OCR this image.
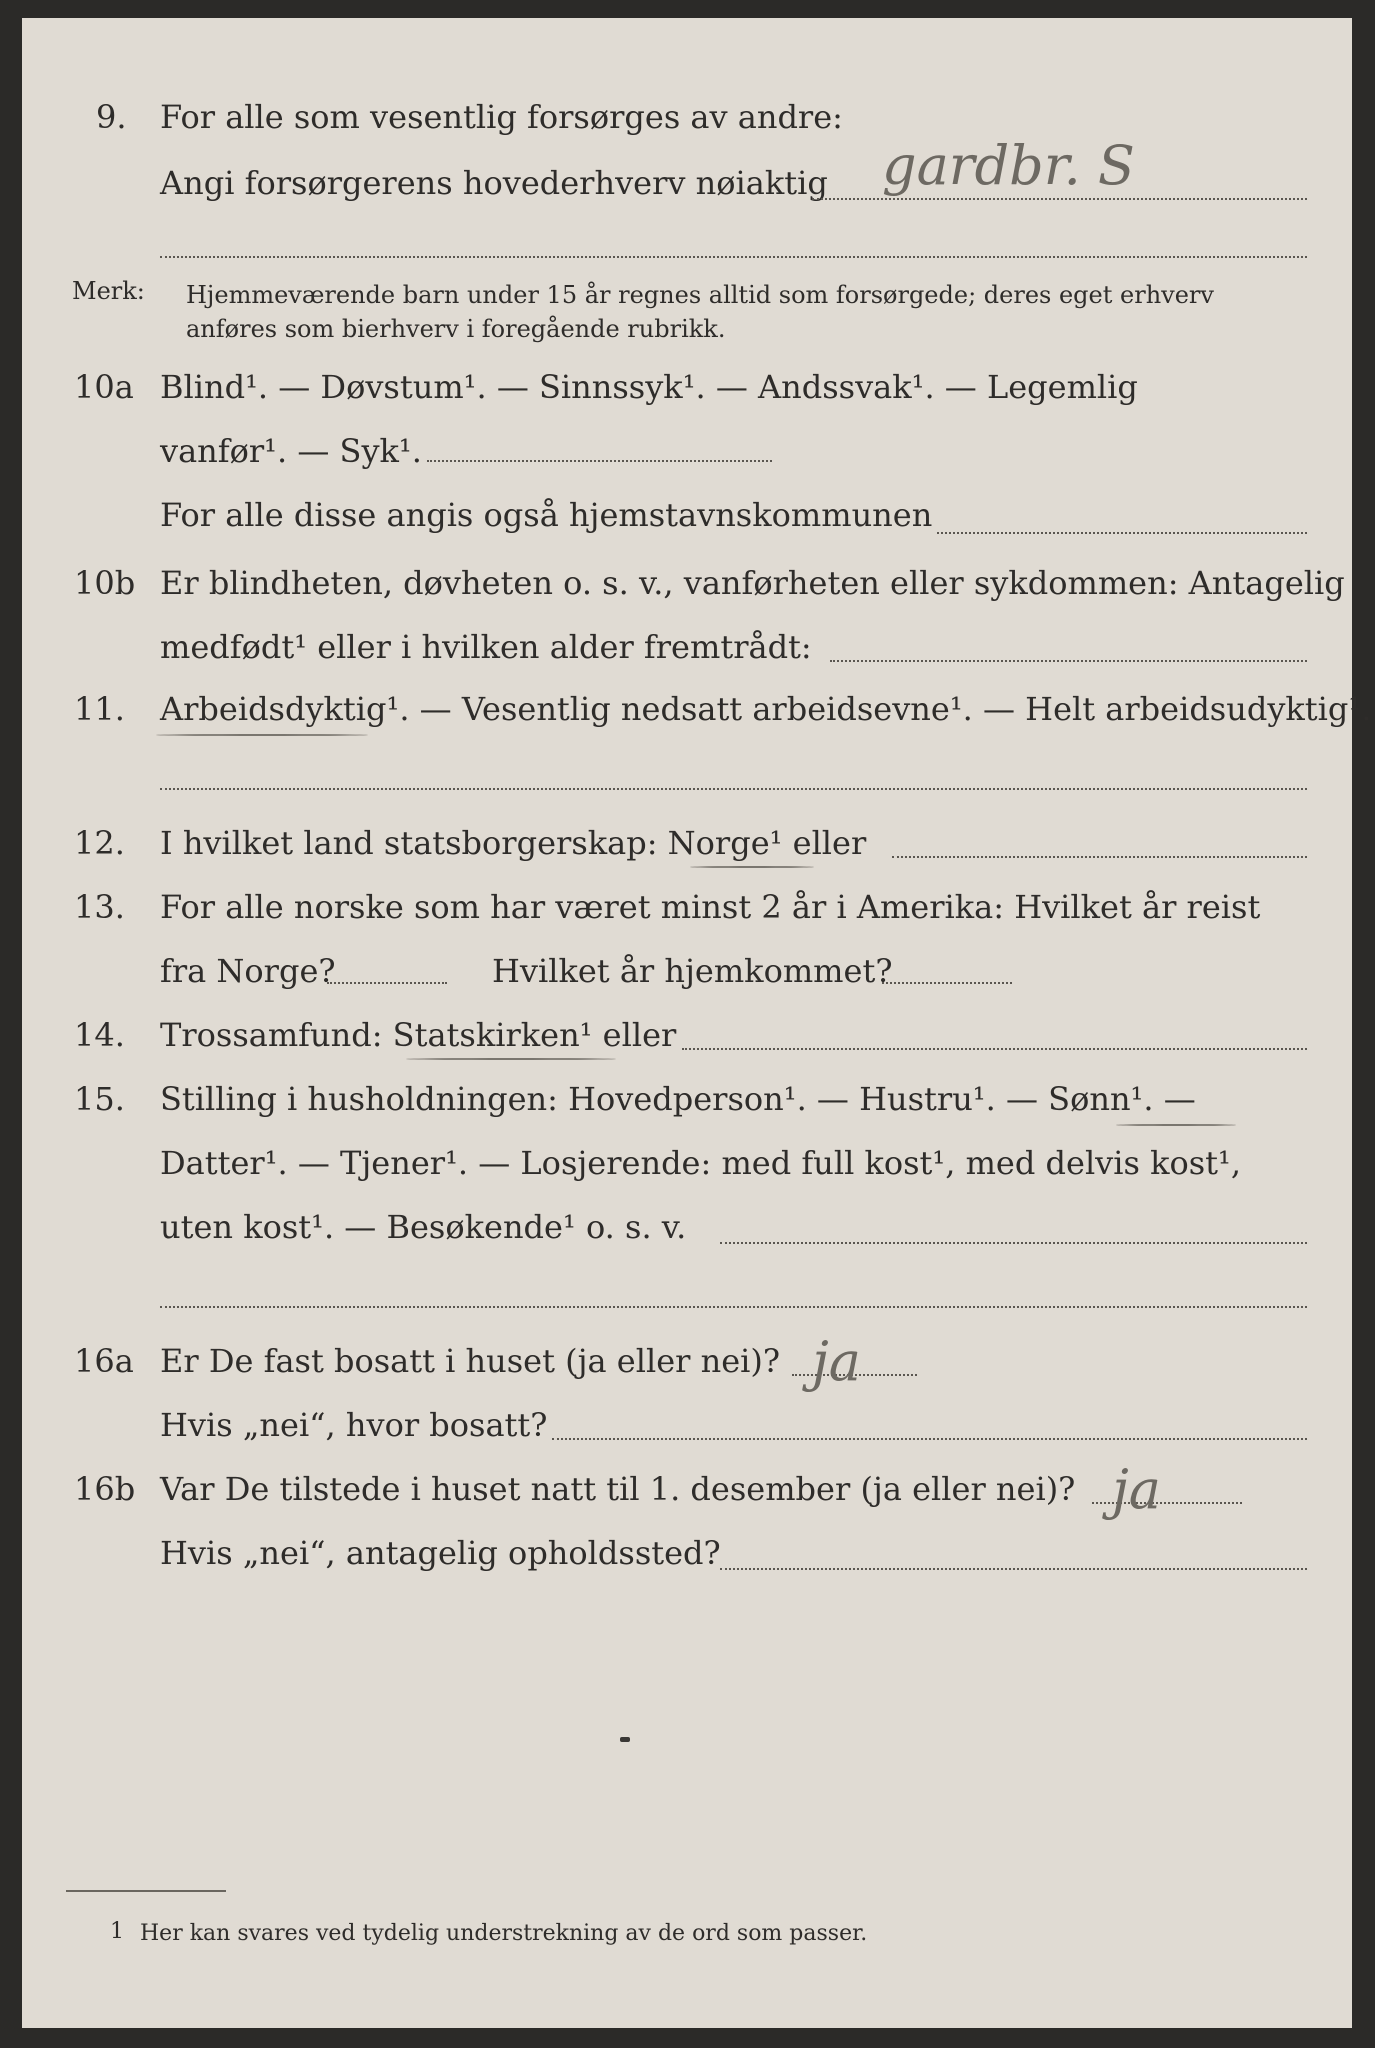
9. For alle som vesentlig forsørges av andre:
Angi forsørgerens hovederhverv nøiaktig gardbr. S
Merk: Hjemmeværende barn under 15 år regnes alltid som forsørgede; deres eget erhverv
anføres som bierhverv i foregående rubrikk.
10a Blind¹. — Døvstum¹. — Sinnssyk¹. — Andssvak¹. — Legemlig
vanfør¹. — Syk¹.
For alle disse angis også hjemstavnskommunen
10b Er blindheten, døvheten o. s. v., vanførheten eller sykdommen: Antagelig
medfødt¹ eller i hvilken alder fremtrådt:
11. Arbeidsdyktig¹. — Vesentlig nedsatt arbeidsevne¹. — Helt arbeidsudyktig¹.
12. I hvilket land statsborgerskap: Norge¹ eller
13. For alle norske som har været minst 2 år i Amerika: Hvilket år reist
fra Norge?	Hvilket år hjemkommet?
14. Trossamfund: Statskirken¹ eller
15. Stilling i husholdningen: Hovedperson¹. — Hustru¹. — Sønn¹. —
Datter¹. — Tjener¹. — Losjerende: med full kost¹, med delvis kost¹,
uten kost¹. — Besøkende¹ o. s. v.
16a Er De fast bosatt i huset (ja eller nei)? ja
Hvis „nei“, hvor bosatt?
16b Var De tilstede i huset natt til 1. desember (ja eller nei)? ja
Hvis „nei“, antagelig opholdssted?
1 Her kan svares ved tydelig understrekning av de ord som passer.
